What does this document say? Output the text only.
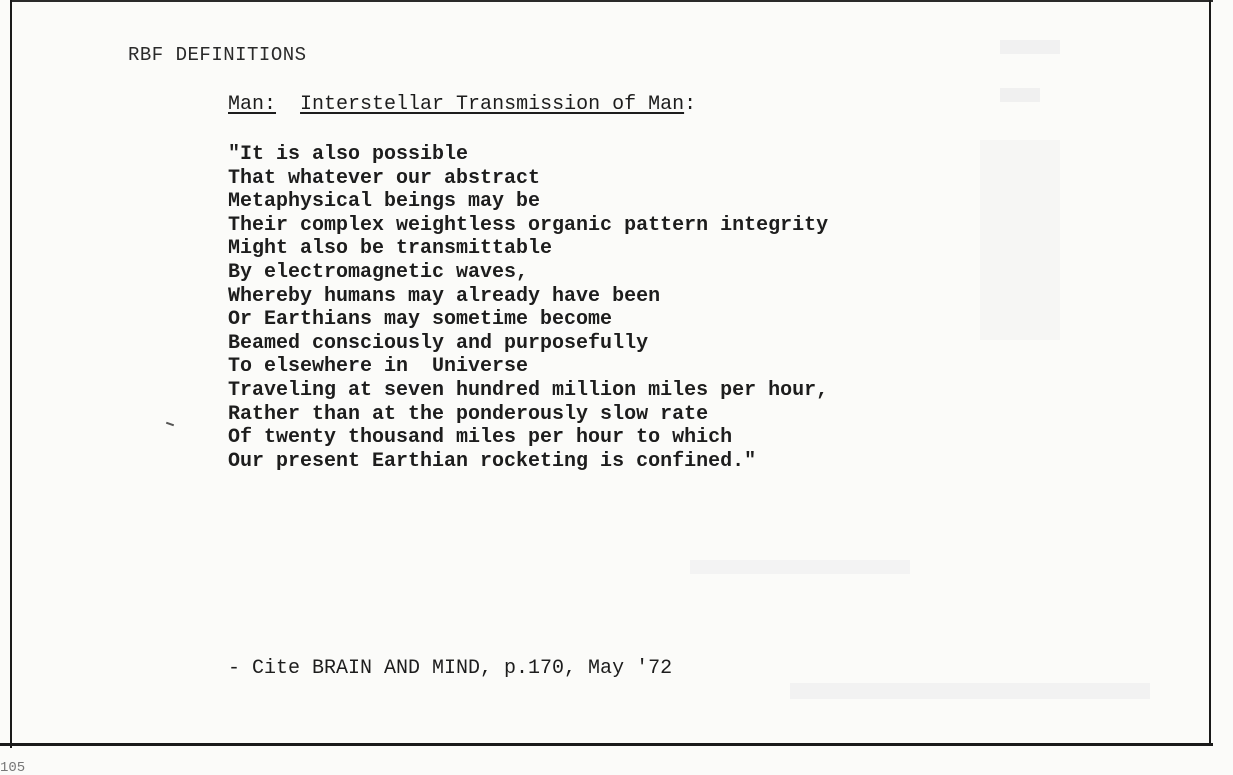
RBF DEFINITIONS
Man: Interstellar Transmission of Man:
"It is also possible
That whatever our abstract
Metaphysical beings may be
Their complex weightless organic pattern integrity
Might also be transmittable
By electromagnetic waves,
Whereby humans may already have been
Or Earthians may sometime become
Beamed consciously and purposefully
To elsewhere in  Universe
Traveling at seven hundred million miles per hour,
Rather than at the ponderously slow rate
Of twenty thousand miles per hour to which
Our present Earthian rocketing is confined."
- Cite BRAIN AND MIND, p.170, May '72
105
